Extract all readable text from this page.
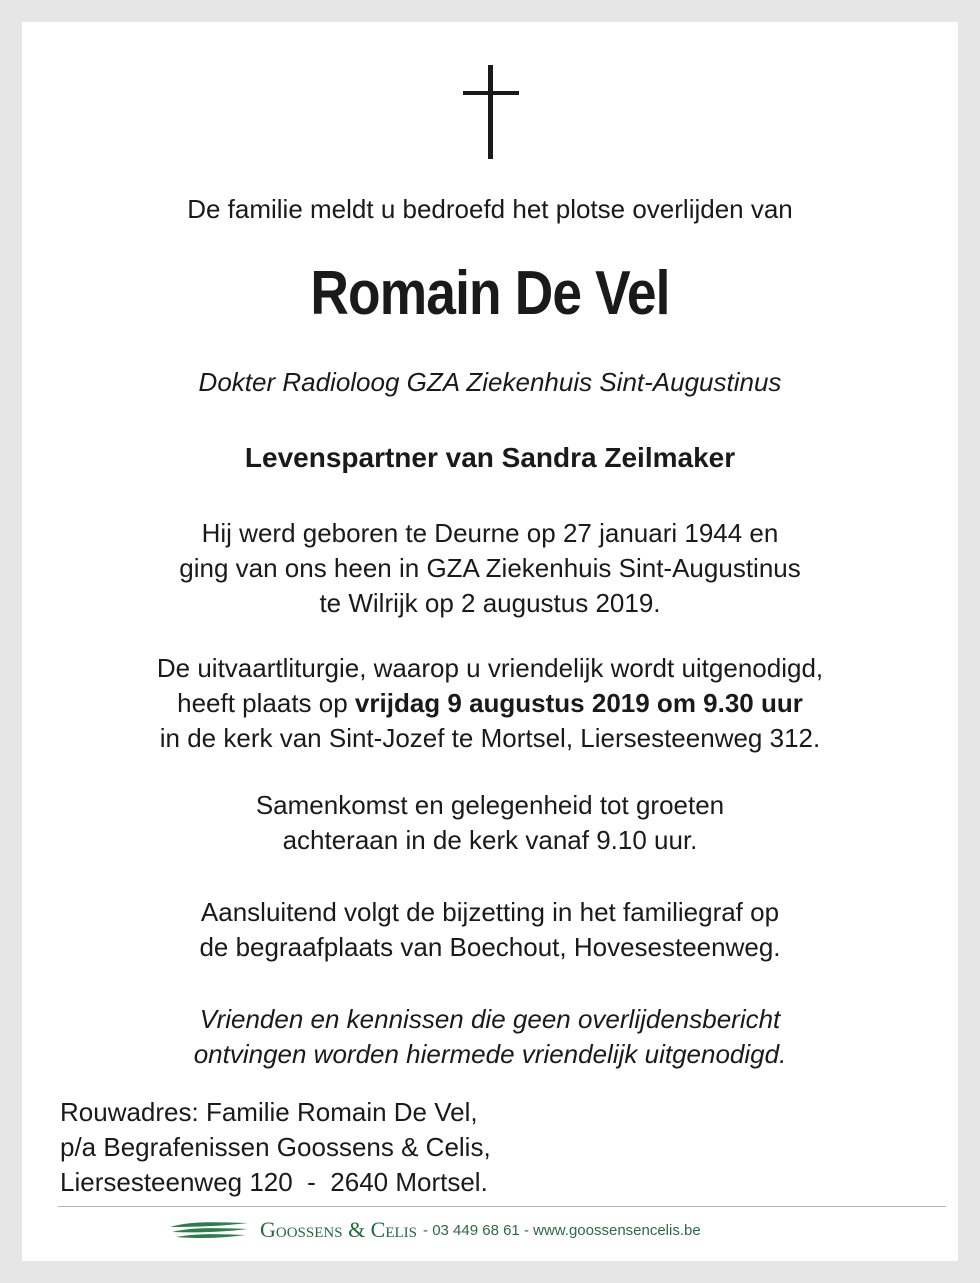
De familie meldt u bedroefd het plotse overlijden van
Romain De Vel
Dokter Radioloog GZA Ziekenhuis Sint-Augustinus
Levenspartner van Sandra Zeilmaker
Hij werd geboren te Deurne op 27 januari 1944 en
ging van ons heen in GZA Ziekenhuis Sint-Augustinus
te Wilrijk op 2 augustus 2019.
De uitvaartliturgie, waarop u vriendelijk wordt uitgenodigd,
heeft plaats op vrijdag 9 augustus 2019 om 9.30 uur
in de kerk van Sint-Jozef te Mortsel, Liersesteenweg 312.
Samenkomst en gelegenheid tot groeten
achteraan in de kerk vanaf 9.10 uur.
Aansluitend volgt de bijzetting in het familiegraf op
de begraafplaats van Boechout, Hovesesteenweg.
Vrienden en kennissen die geen overlijdensbericht
ontvingen worden hiermede vriendelijk uitgenodigd.
Rouwadres: Familie Romain De Vel,
p/a Begrafenissen Goossens & Celis,
Liersesteenweg 120  -  2640 Mortsel.
Goossens & Celis - 03 449 68 61 - www.goossensencelis.be
